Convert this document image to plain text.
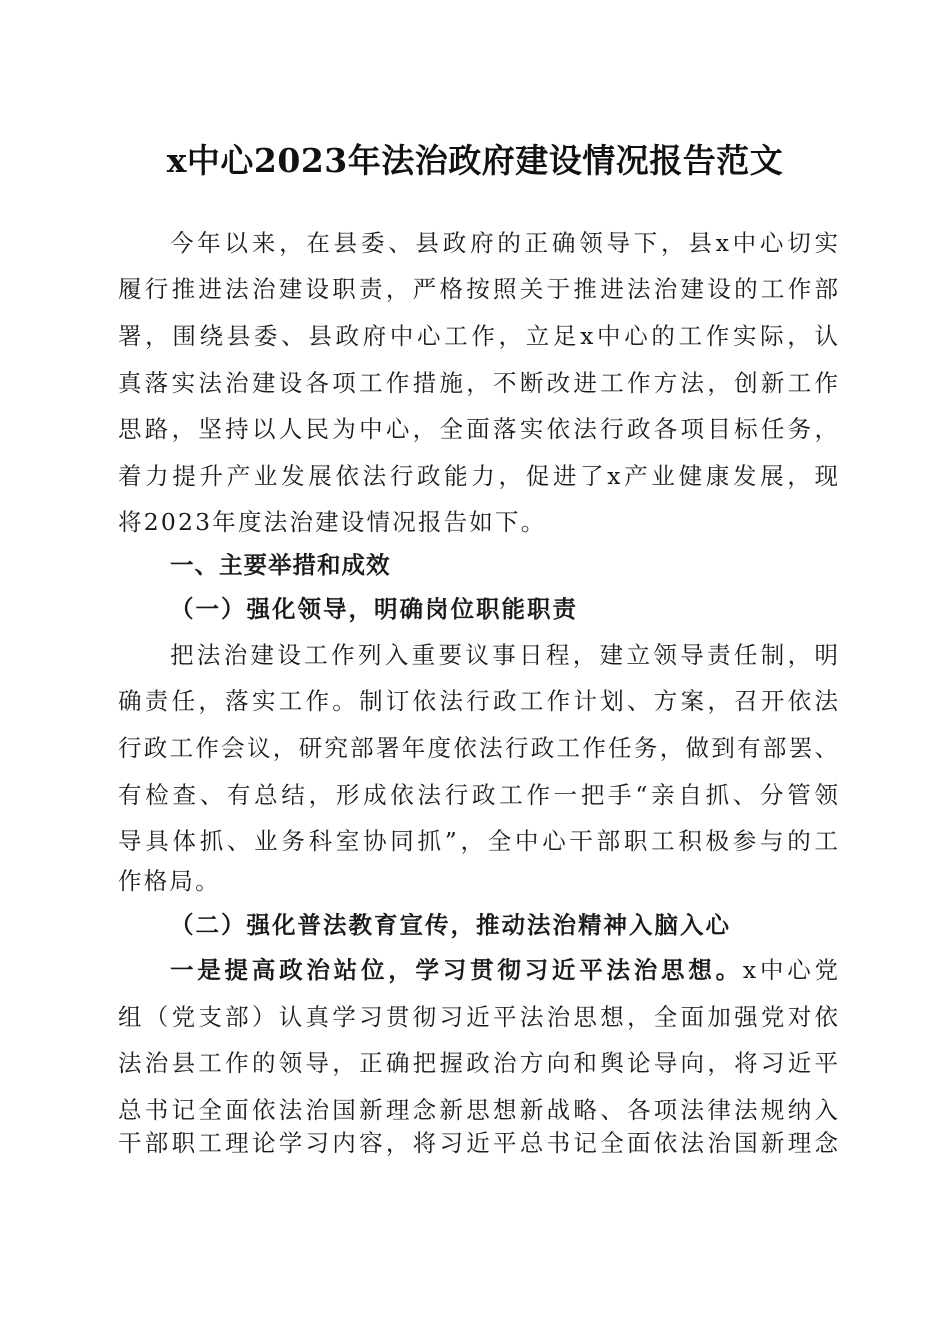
x中心2023年法治政府建设情况报告范文
今年以来，在县委、县政府的正确领导下，县x中心切实
履行推进法治建设职责，严格按照关于推进法治建设的工作部
署，围绕县委、县政府中心工作，立足x中心的工作实际，认
真落实法治建设各项工作措施，不断改进工作方法，创新工作
思路，坚持以人民为中心，全面落实依法行政各项目标任务，
着力提升产业发展依法行政能力，促进了x产业健康发展，现
将2023年度法治建设情况报告如下。
一、主要举措和成效
（一）强化领导，明确岗位职能职责
把法治建设工作列入重要议事日程，建立领导责任制，明
确责任，落实工作。制订依法行政工作计划、方案，召开依法
行政工作会议，研究部署年度依法行政工作任务，做到有部罢、
有检查、有总结，形成依法行政工作一把手“亲自抓、分管领
导具体抓、业务科室协同抓”，全中心干部职工积极参与的工
作格局。
（二）强化普法教育宣传，推动法治精神入脑入心
一是提高政治站位，学习贯彻习近平法治思想。x中心党
组（党支部）认真学习贯彻习近平法治思想，全面加强党对依
法治县工作的领导，正确把握政治方向和舆论导向，将习近平
总书记全面依法治国新理念新思想新战略、各项法律法规纳入
干部职工理论学习内容，将习近平总书记全面依法治国新理念
